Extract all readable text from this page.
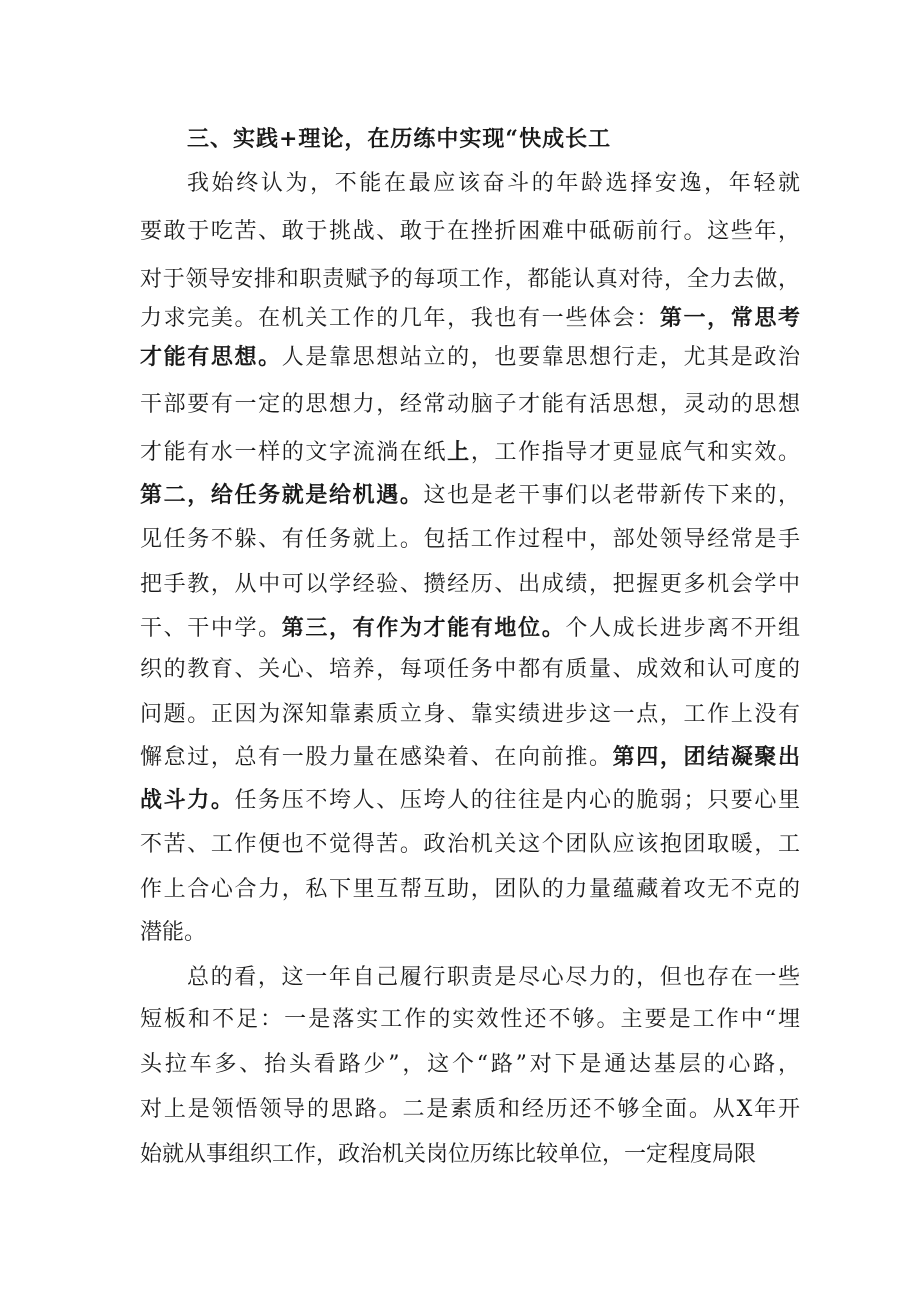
三、实践+理论，在历练中实现“快成长工
我始终认为，不能在最应该奋斗的年龄选择安逸，年轻就
要敢于吃苦、敢于挑战、敢于在挫折困难中砥砺前行。这些年，
对于领导安排和职责赋予的每项工作，都能认真对待，全力去做，
力求完美。在机关工作的几年，我也有一些体会：第一，常思考
才能有思想。人是靠思想站立的，也要靠思想行走，尤其是政治
干部要有一定的思想力，经常动脑子才能有活思想，灵动的思想
才能有水一样的文字流淌在纸上，工作指导才更显底气和实效。
第二，给任务就是给机遇。这也是老干事们以老带新传下来的，
见任务不躲、有任务就上。包括工作过程中，部处领导经常是手
把手教，从中可以学经验、攒经历、出成绩，把握更多机会学中
干、干中学。第三，有作为才能有地位。个人成长进步离不开组
织的教育、关心、培养，每项任务中都有质量、成效和认可度的
问题。正因为深知靠素质立身、靠实绩进步这一点，工作上没有
懈怠过，总有一股力量在感染着、在向前推。第四，团结凝聚出
战斗力。任务压不垮人、压垮人的往往是内心的脆弱；只要心里
不苦、工作便也不觉得苦。政治机关这个团队应该抱团取暖，工
作上合心合力，私下里互帮互助，团队的力量蕴藏着攻无不克的
潜能。
总的看，这一年自己履行职责是尽心尽力的，但也存在一些
短板和不足：一是落实工作的实效性还不够。主要是工作中“埋
头拉车多、抬头看路少”，这个“路”对下是通达基层的心路，
对上是领悟领导的思路。二是素质和经历还不够全面。从X年开
始就从事组织工作，政治机关岗位历练比较单位，一定程度局限
